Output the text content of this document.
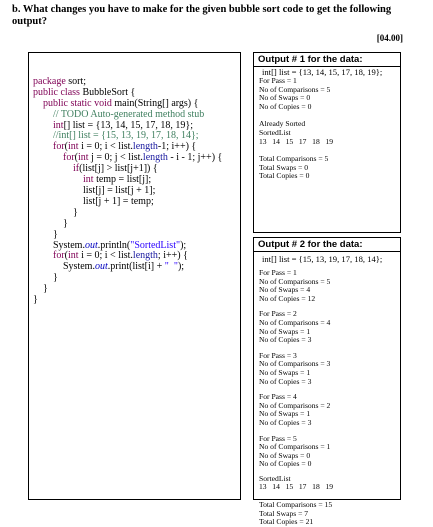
b. What changes you have to make for the given bubble sort code to get the following output?
[04.00]

package sort;
public class BubbleSort {
public static void main(String[] args) {
// TODO Auto-generated method stub
int[] list = {13, 14, 15, 17, 18, 19};
//int[] list = {15, 13, 19, 17, 18, 14};
for(int i = 0; i < list.length-1; i++) {
for(int j = 0; j < list.length - i - 1; j++) {
if(list[j] > list[j+1]) {
int temp = list[j];
list[j] = list[j + 1];
list[j + 1] = temp;
}
}
}
System.out.println("SortedList");
for(int i = 0; i < list.length; i++) {
System.out.print(list[i] + "  ");
}
}
}

Output # 1 for the data:
int[] list = {13, 14, 15, 17, 18, 19};
For Pass = 1
No of Comparisons = 5
No of Swaps = 0
No of Copies = 0
Already Sorted
SortedList
13   14   15   17   18   19
Total Comparisons = 5
Total Swaps = 0
Total Copies = 0
Output # 2 for the data:
int[] list = {15, 13, 19, 17, 18, 14};
For Pass = 1
No of Comparisons = 5
No of Swaps = 4
No of Copies = 12
For Pass = 2
No of Comparisons = 4
No of Swaps = 1
No of Copies = 3
For Pass = 3
No of Comparisons = 3
No of Swaps = 1
No of Copies = 3
For Pass = 4
No of Comparisons = 2
No of Swaps = 1
No of Copies = 3
For Pass = 5
No of Comparisons = 1
No of Swaps = 0
No of Copies = 0
SortedList
13   14   15   17   18   19
Total Comparisons = 15
Total Swaps = 7
Total Copies = 21
